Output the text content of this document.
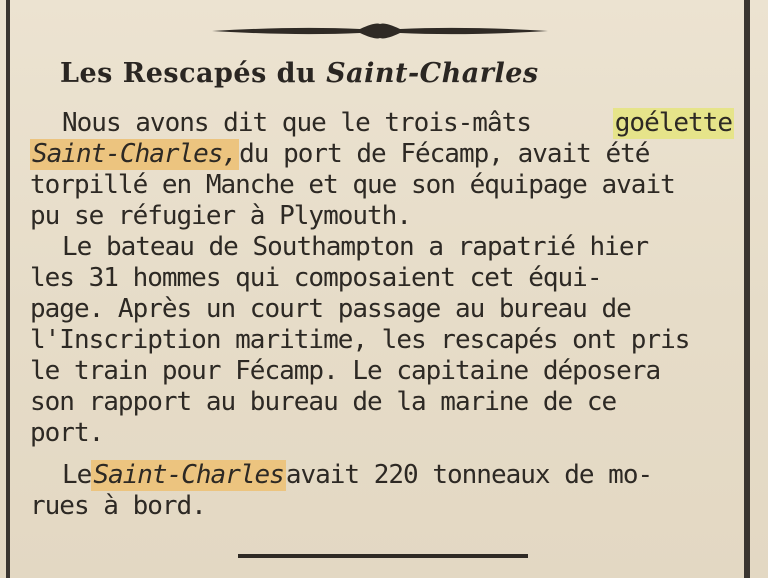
Les Rescapés du Saint-Charles
Nous avons dit que le trois-mâts	goélette
Saint-Charles, du port de Fécamp, avait été
torpillé en Manche et que son équipage avait
pu se réfugier à Plymouth.
Le bateau de Southampton a rapatrié hier
les 31 hommes qui composaient cet équi-
page. Après un court passage au bureau de
l'Inscription maritime, les rescapés ont pris
le train pour Fécamp. Le capitaine déposera
son rapport au bureau de la marine de ce
port.
Le Saint-Charles avait 220 tonneaux de mo-
rues à bord.
